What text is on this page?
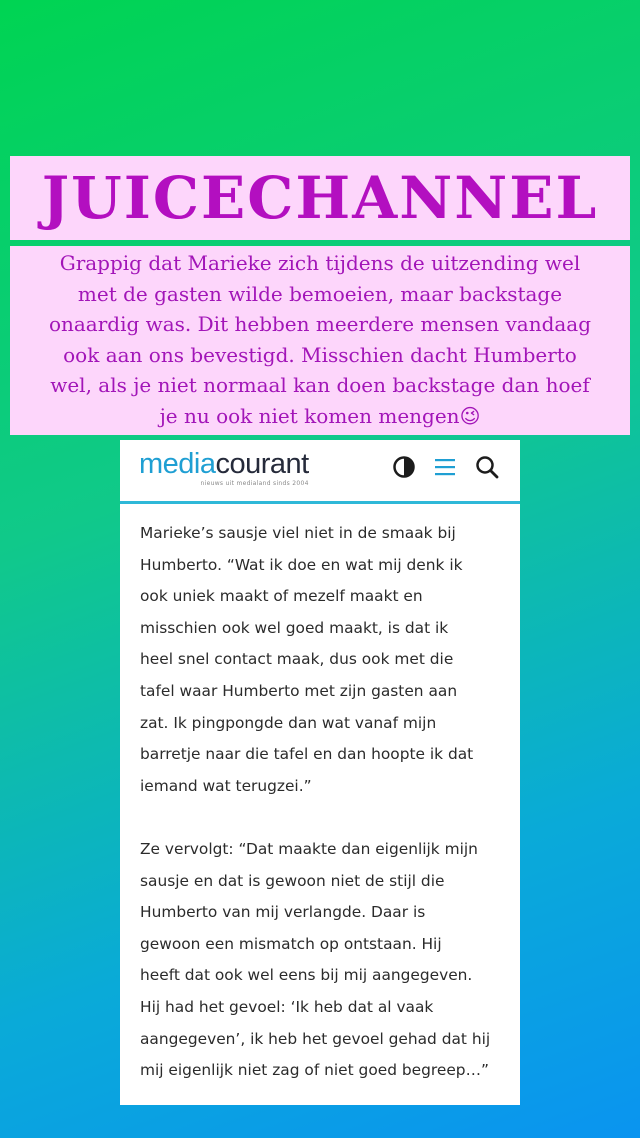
JUICECHANNEL

Grappig dat Marieke zich tijdens de uitzending wel
met de gasten wilde bemoeien, maar backstage
onaardig was. Dit hebben meerdere mensen vandaag
ook aan ons bevestigd. Misschien dacht Humberto
wel, als je niet normaal kan doen backstage dan hoef
je nu ook niet komen mengen😉

mediacourant
nieuws uit medialand sinds 2004

Marieke’s sausje viel niet in de smaak bij
Humberto. “Wat ik doe en wat mij denk ik
ook uniek maakt of mezelf maakt en
misschien ook wel goed maakt, is dat ik
heel snel contact maak, dus ook met die
tafel waar Humberto met zijn gasten aan
zat. Ik pingpongde dan wat vanaf mijn
barretje naar die tafel en dan hoopte ik dat
iemand wat terugzei.”

Ze vervolgt: “Dat maakte dan eigenlijk mijn
sausje en dat is gewoon niet de stijl die
Humberto van mij verlangde. Daar is
gewoon een mismatch op ontstaan. Hij
heeft dat ook wel eens bij mij aangegeven.
Hij had het gevoel: ‘Ik heb dat al vaak
aangegeven’, ik heb het gevoel gehad dat hij
mij eigenlijk niet zag of niet goed begreep…”
